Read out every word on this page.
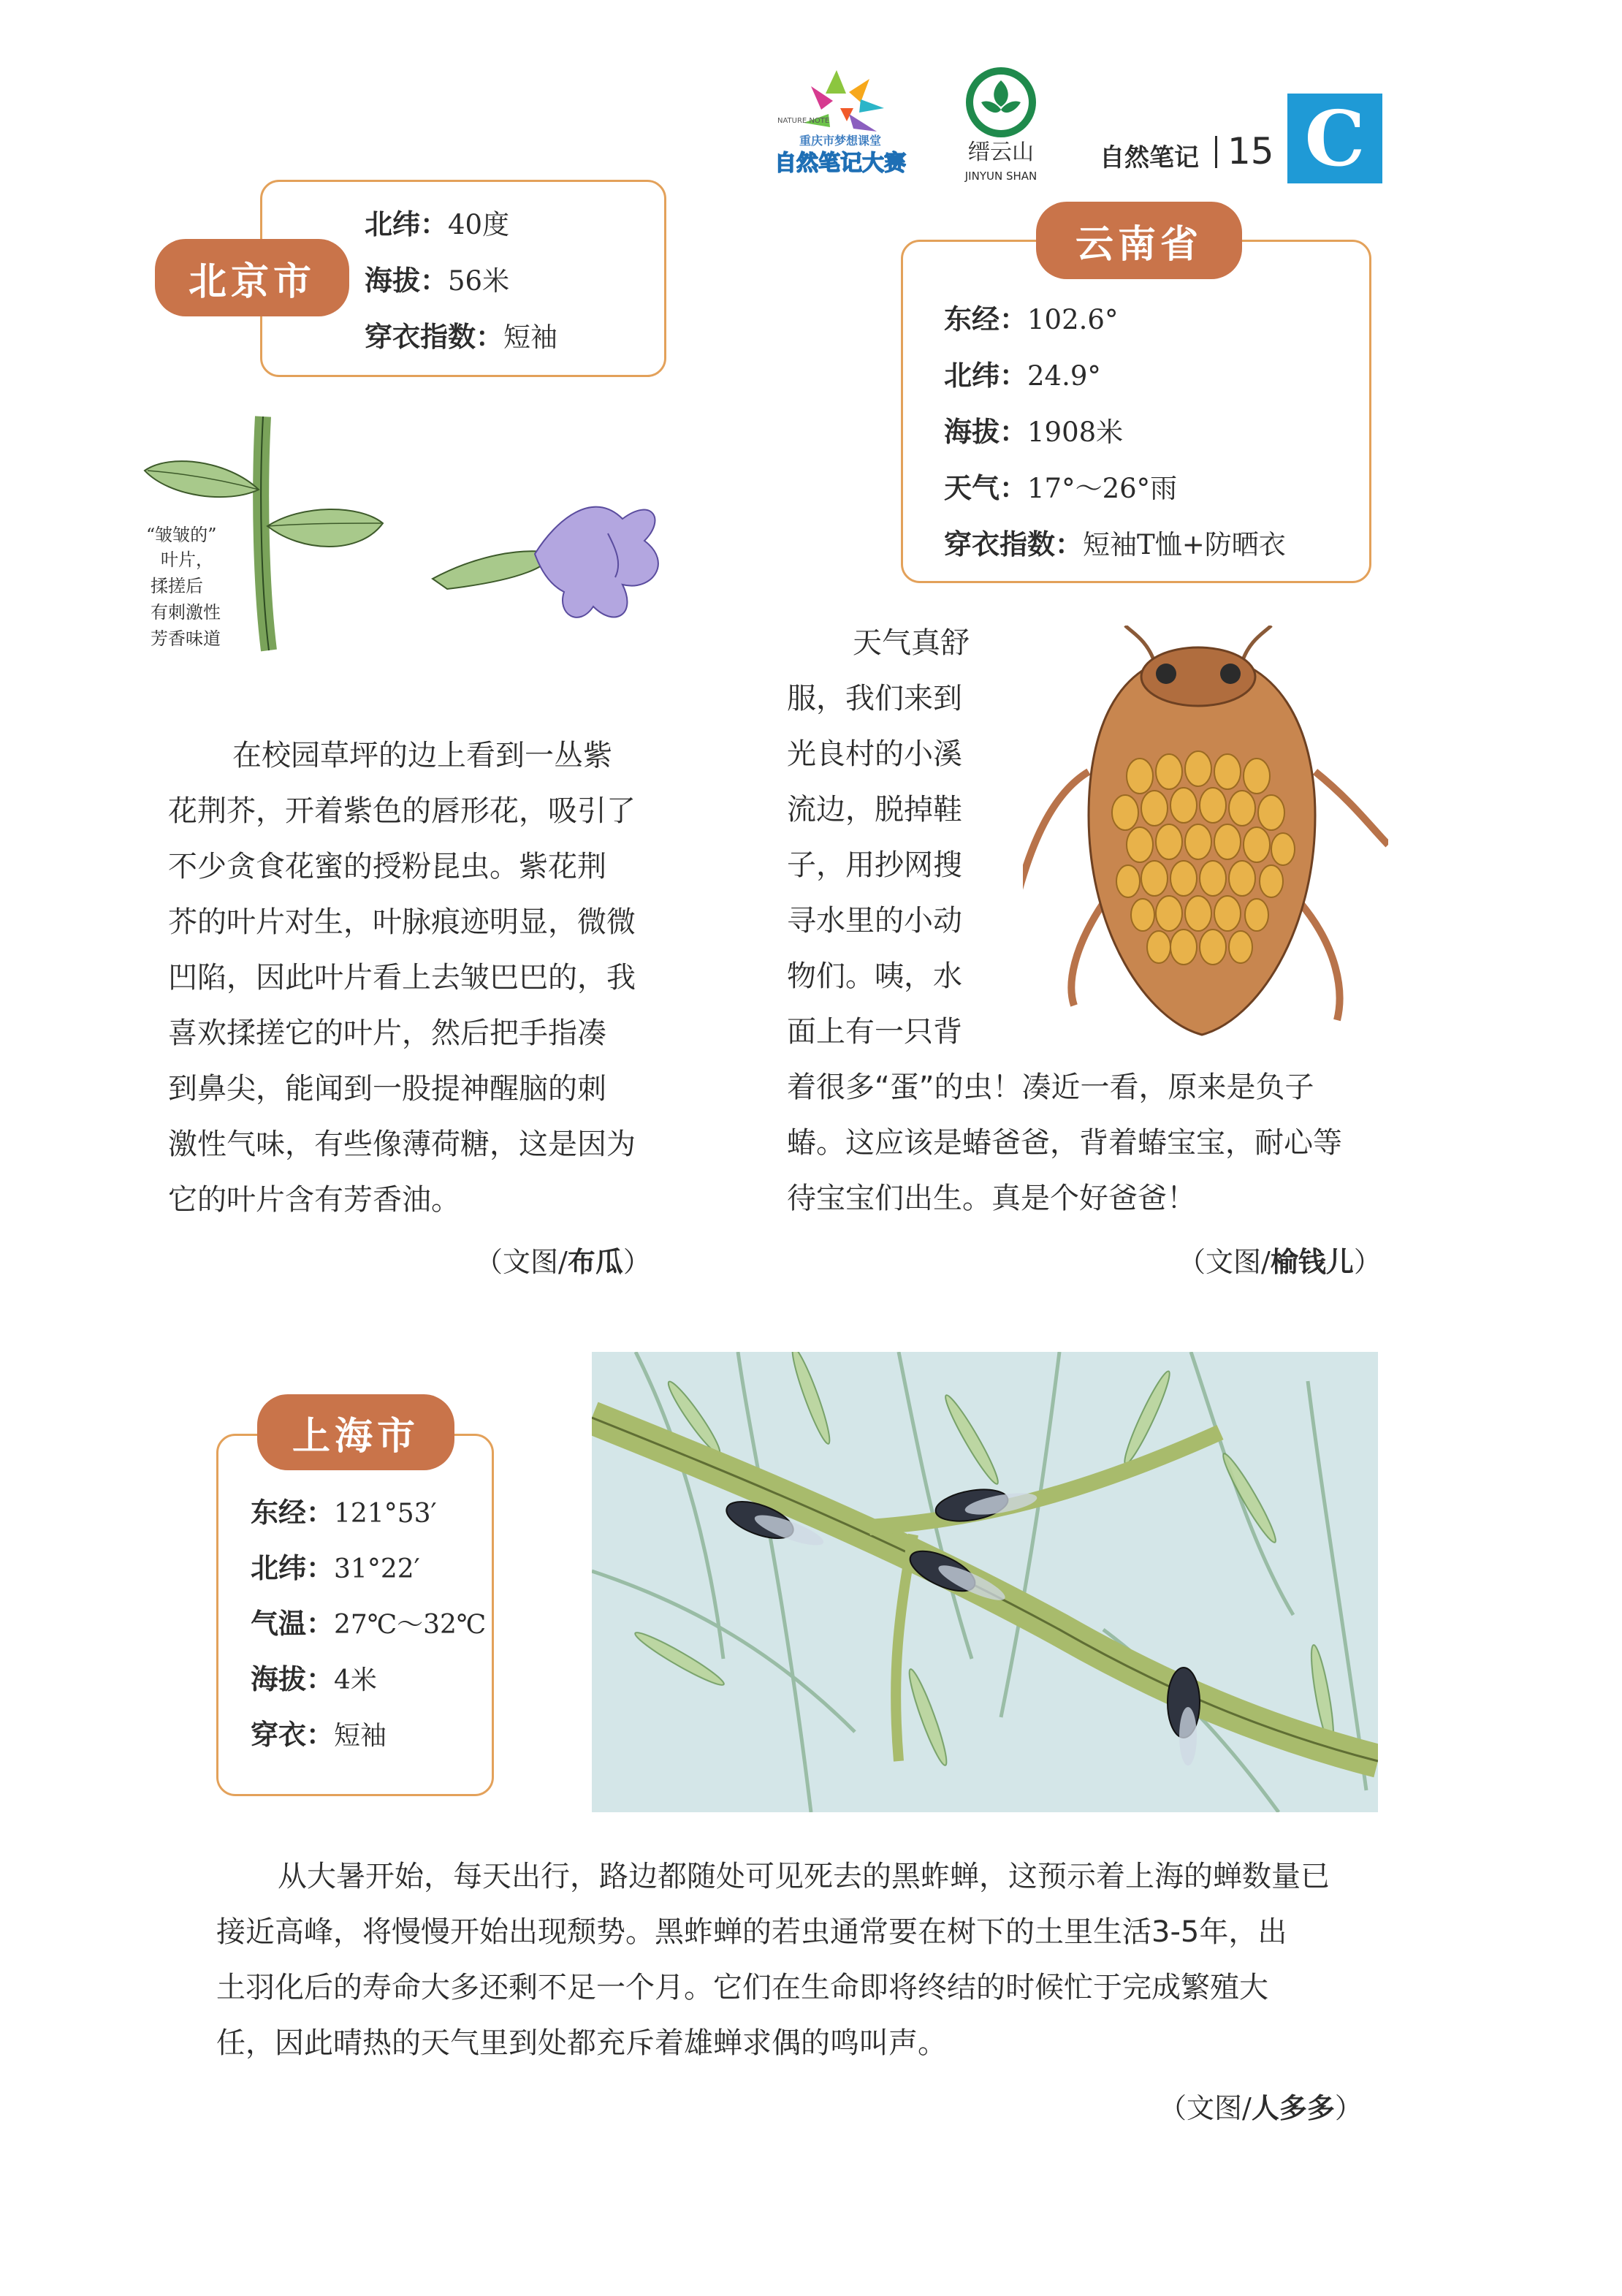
NATURE NOTE
重庆市梦想课堂
自然笔记大赛	缙云山
JINYUN SHAN
自然笔记 15 C
北纬：40度
海拔：56米
穿衣指数：短袖
北京市
“皱皱的”
叶片，
揉搓后
有刺激性
芳香味道
在校园草坪的边上看到一丛紫
花荆芥，开着紫色的唇形花，吸引了
不少贪食花蜜的授粉昆虫。紫花荆
芥的叶片对生，叶脉痕迹明显，微微
凹陷，因此叶片看上去皱巴巴的，我
喜欢揉搓它的叶片，然后把手指凑
到鼻尖，能闻到一股提神醒脑的刺
激性气味，有些像薄荷糖，这是因为
它的叶片含有芳香油。
（文图/布瓜）
东经：102.6°
北纬：24.9°
海拔：1908米
天气：17°～26°雨
穿衣指数：短袖T恤+防晒衣
云南省
天气真舒
服，我们来到
光良村的小溪
流边，脱掉鞋
子，用抄网搜
寻水里的小动
物们。咦，水
面上有一只背
着很多“蛋”的虫！凑近一看，原来是负子
蝽。这应该是蝽爸爸，背着蝽宝宝，耐心等
待宝宝们出生。真是个好爸爸！
（文图/榆钱儿）
东经：121°53′
北纬：31°22′
气温：27℃～32℃
海拔：4米
穿衣：短袖
上海市
从大暑开始，每天出行，路边都随处可见死去的黑蚱蝉，这预示着上海的蝉数量已
接近高峰，将慢慢开始出现颓势。黑蚱蝉的若虫通常要在树下的土里生活3-5年，出
土羽化后的寿命大多还剩不足一个月。它们在生命即将终结的时候忙于完成繁殖大
任，因此晴热的天气里到处都充斥着雄蝉求偶的鸣叫声。
（文图/人多多）
